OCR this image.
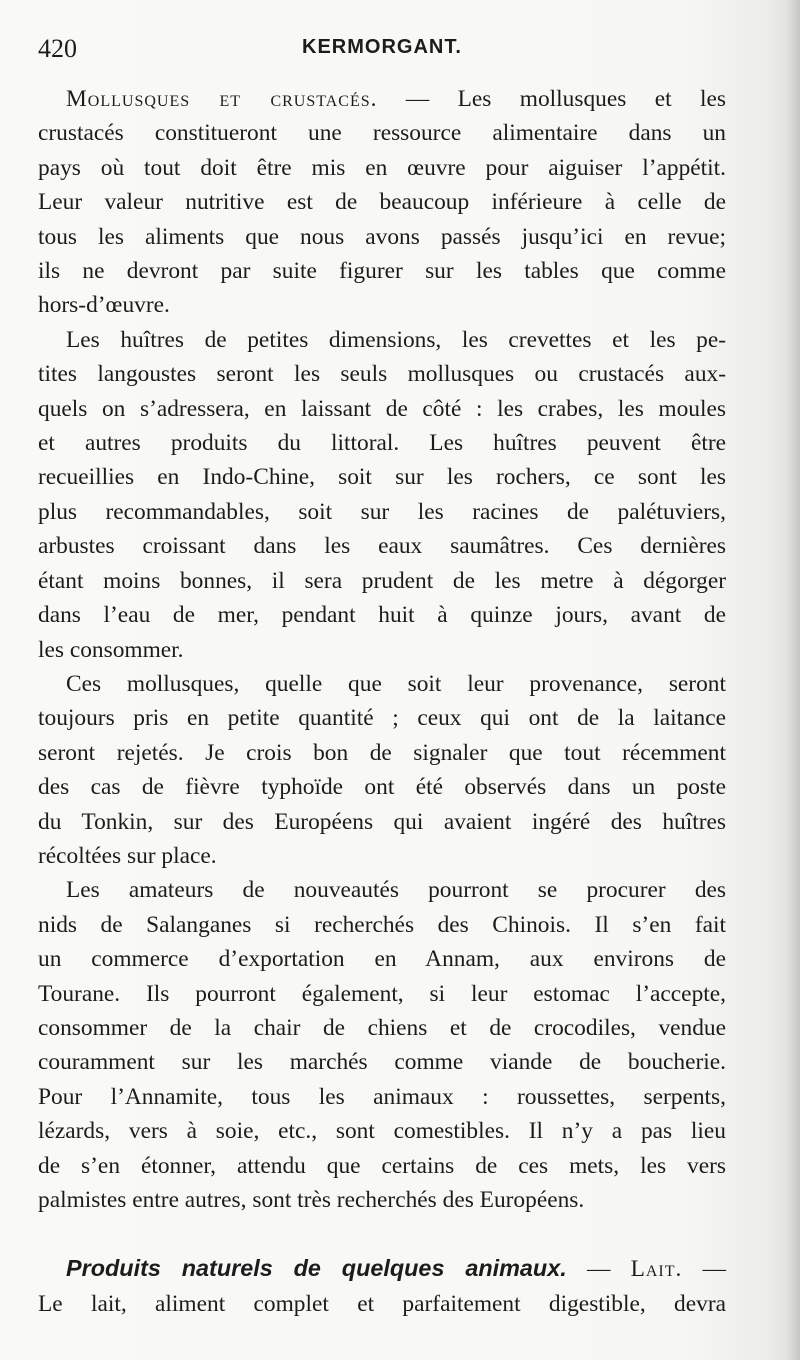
420	KERMORGANT.
Mollusques et crustacés. — Les mollusques et les
crustacés constitueront une ressource alimentaire dans un
pays où tout doit être mis en œuvre pour aiguiser l’appétit.
Leur valeur nutritive est de beaucoup inférieure à celle de
tous les aliments que nous avons passés jusqu’ici en revue;
ils ne devront par suite figurer sur les tables que comme
hors-d’œuvre.
Les huîtres de petites dimensions, les crevettes et les pe-
tites langoustes seront les seuls mollusques ou crustacés aux-
quels on s’adressera, en laissant de côté : les crabes, les moules
et autres produits du littoral. Les huîtres peuvent être
recueillies en Indo-Chine, soit sur les rochers, ce sont les
plus recommandables, soit sur les racines de palétuviers,
arbustes croissant dans les eaux saumâtres. Ces dernières
étant moins bonnes, il sera prudent de les metre à dégorger
dans l’eau de mer, pendant huit à quinze jours, avant de
les consommer.
Ces mollusques, quelle que soit leur provenance, seront
toujours pris en petite quantité ; ceux qui ont de la laitance
seront rejetés. Je crois bon de signaler que tout récemment
des cas de fièvre typhoïde ont été observés dans un poste
du Tonkin, sur des Européens qui avaient ingéré des huîtres
récoltées sur place.
Les amateurs de nouveautés pourront se procurer des
nids de Salanganes si recherchés des Chinois. Il s’en fait
un commerce d’exportation en Annam, aux environs de
Tourane. Ils pourront également, si leur estomac l’accepte,
consommer de la chair de chiens et de crocodiles, vendue
couramment sur les marchés comme viande de boucherie.
Pour l’Annamite, tous les animaux : roussettes, serpents,
lézards, vers à soie, etc., sont comestibles. Il n’y a pas lieu
de s’en étonner, attendu que certains de ces mets, les vers
palmistes entre autres, sont très recherchés des Européens.
Produits naturels de quelques animaux. — Lait. —
Le lait, aliment complet et parfaitement digestible, devra
